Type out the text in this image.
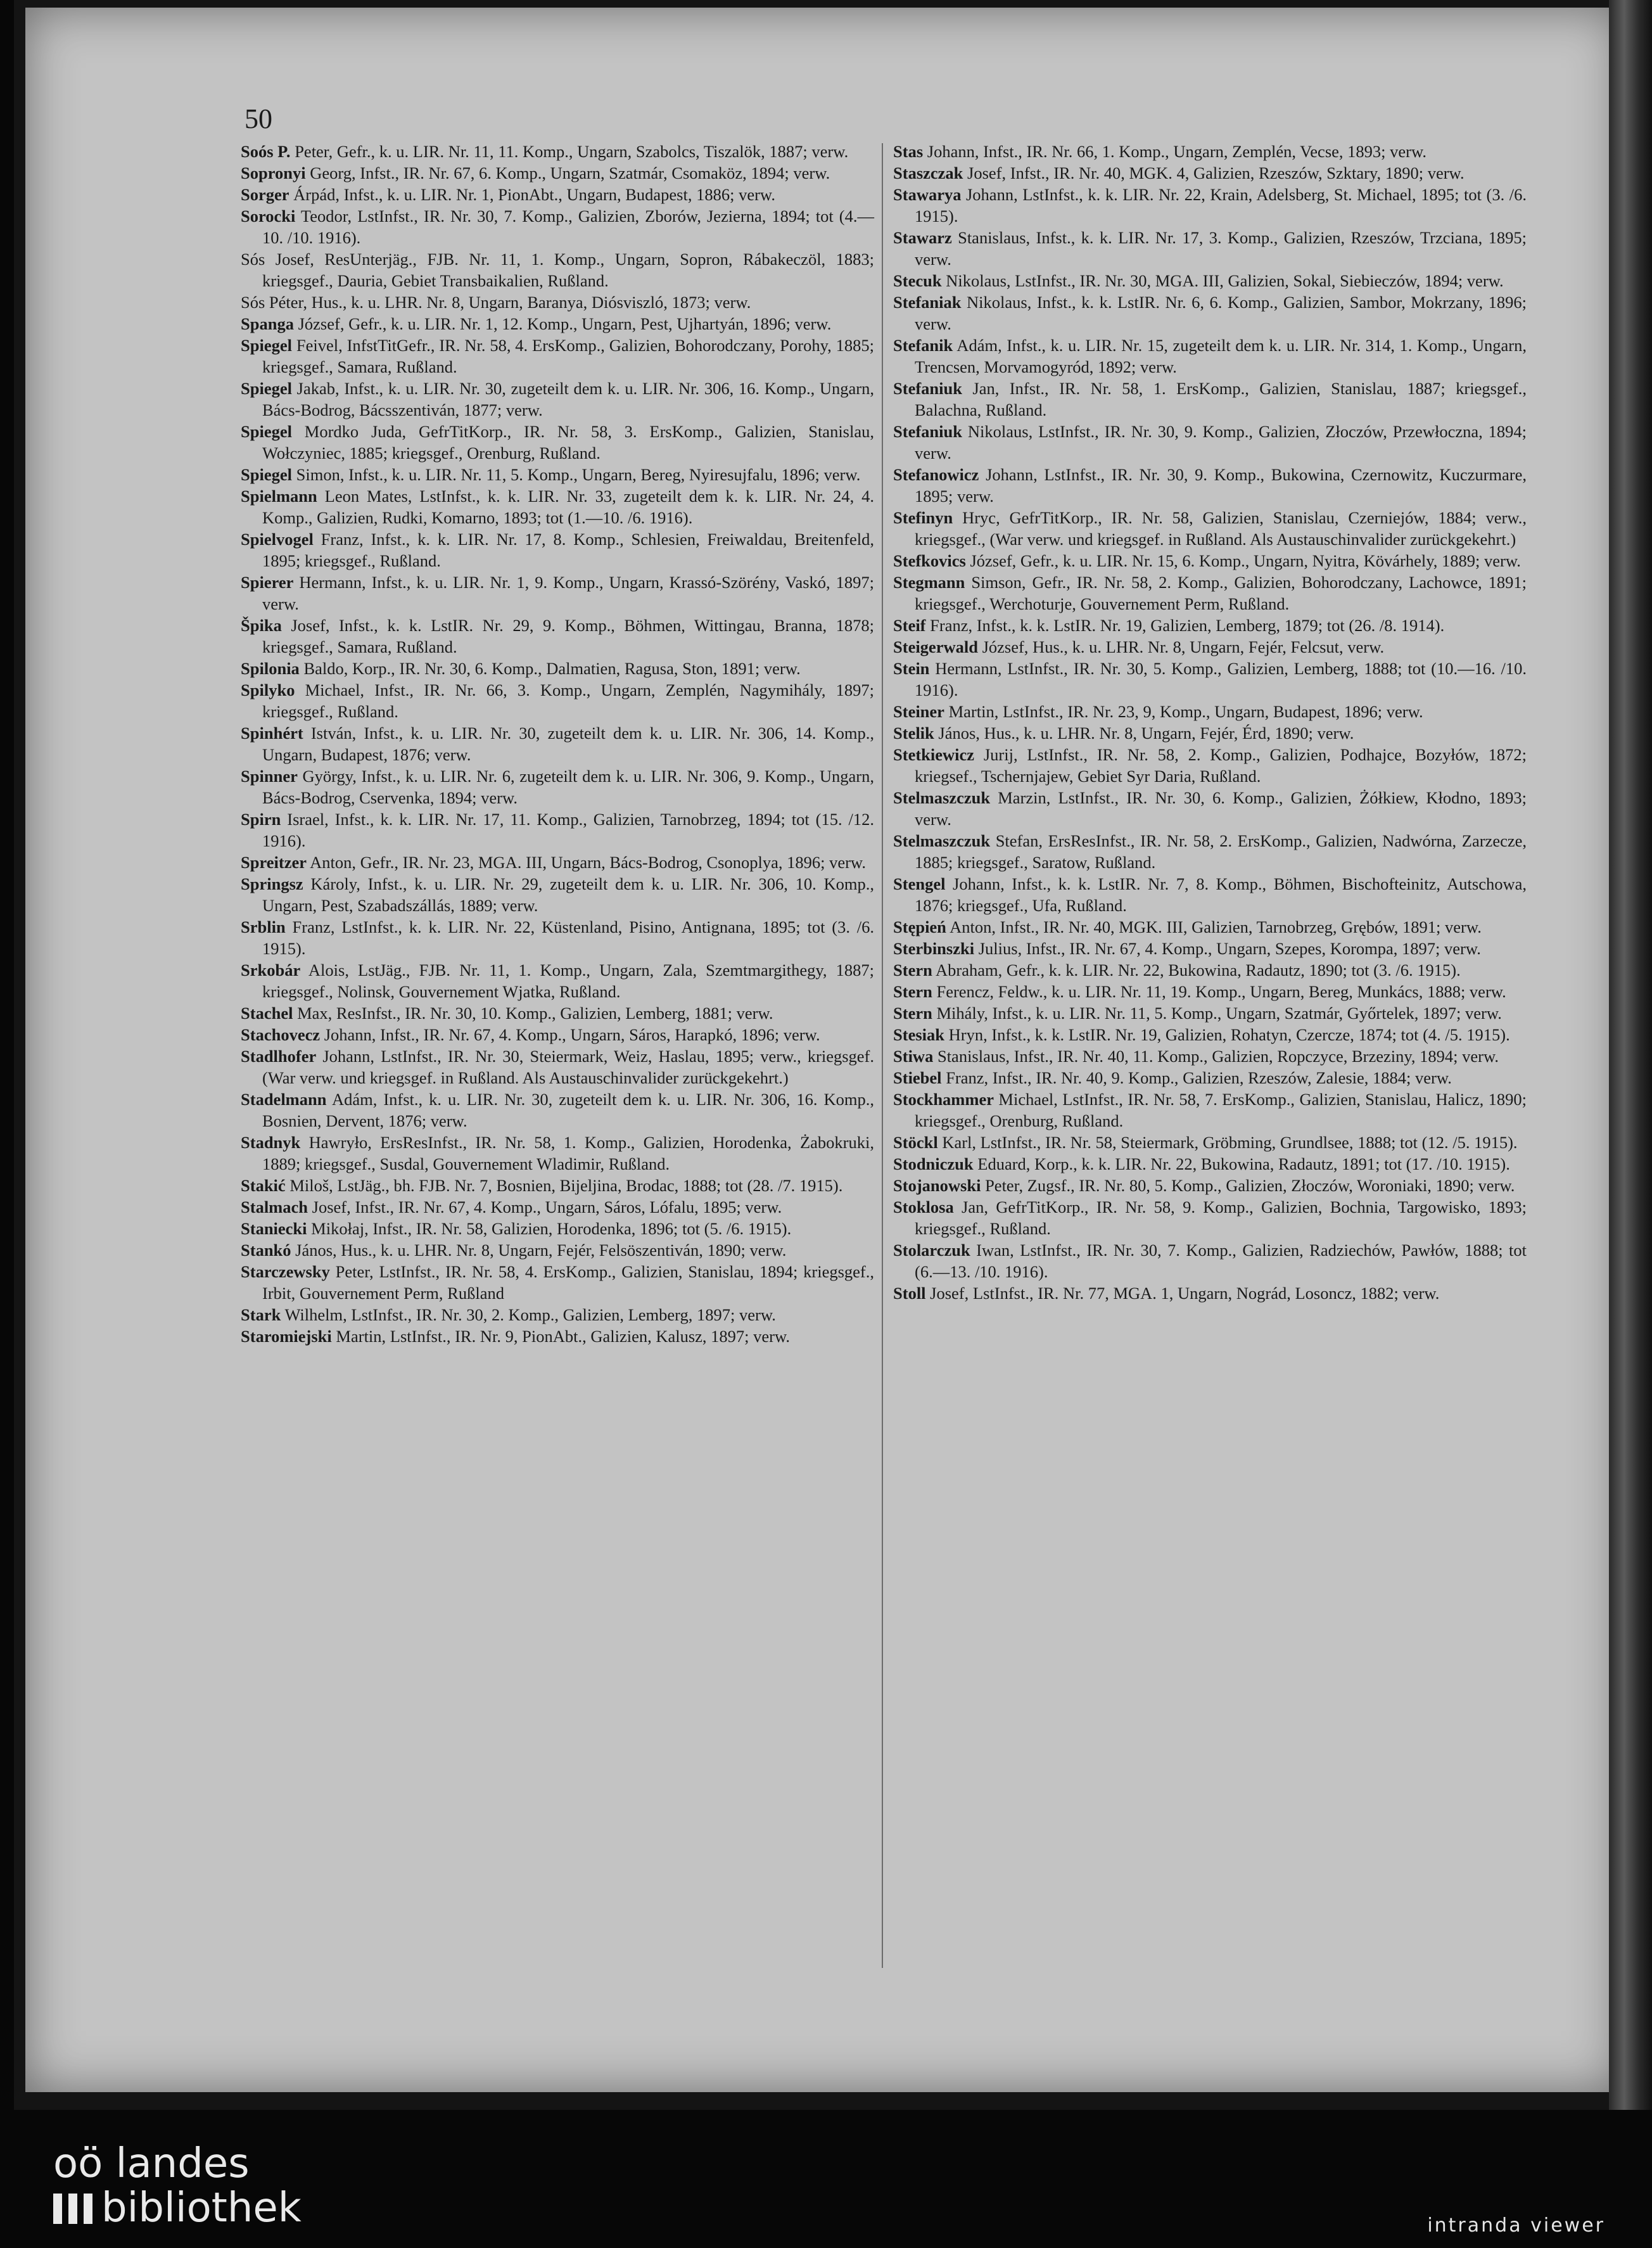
50
Soós P. Peter, Gefr., k. u. LIR. Nr. 11, 11. Komp., Ungarn, Szabolcs, Tiszalök, 1887; verw.
Sopronyi Georg, Infst., IR. Nr. 67, 6. Komp., Ungarn, Szatmár, Csomaköz, 1894; verw.
Sorger Árpád, Infst., k. u. LIR. Nr. 1, PionAbt., Ungarn, Budapest, 1886; verw.
Sorocki Teodor, LstInfst., IR. Nr. 30, 7. Komp., Galizien, Zborów, Jezierna, 1894; tot (4.—10. /10. 1916).
Sós Josef, ResUnterjäg., FJB. Nr. 11, 1. Komp., Ungarn, Sopron, Rábakeczöl, 1883; kriegsgef., Dauria, Gebiet Transbaikalien, Rußland.
Sós Péter, Hus., k. u. LHR. Nr. 8, Ungarn, Baranya, Diósviszló, 1873; verw.
Spanga József, Gefr., k. u. LIR. Nr. 1, 12. Komp., Ungarn, Pest, Ujhartyán, 1896; verw.
Spiegel Feivel, InfstTitGefr., IR. Nr. 58, 4. ErsKomp., Galizien, Bohorodczany, Porohy, 1885; kriegsgef., Samara, Rußland.
Spiegel Jakab, Infst., k. u. LIR. Nr. 30, zugeteilt dem k. u. LIR. Nr. 306, 16. Komp., Ungarn, Bács-Bodrog, Bácsszentiván, 1877; verw.
Spiegel Mordko Juda, GefrTitKorp., IR. Nr. 58, 3. ErsKomp., Galizien, Stanislau, Wołczyniec, 1885; kriegsgef., Orenburg, Rußland.
Spiegel Simon, Infst., k. u. LIR. Nr. 11, 5. Komp., Ungarn, Bereg, Nyiresujfalu, 1896; verw.
Spielmann Leon Mates, LstInfst., k. k. LIR. Nr. 33, zugeteilt dem k. k. LIR. Nr. 24, 4. Komp., Galizien, Rudki, Komarno, 1893; tot (1.—10. /6. 1916).
Spielvogel Franz, Infst., k. k. LIR. Nr. 17, 8. Komp., Schlesien, Freiwaldau, Breitenfeld, 1895; kriegsgef., Rußland.
Spierer Hermann, Infst., k. u. LIR. Nr. 1, 9. Komp., Ungarn, Krassó-Szörény, Vaskó, 1897; verw.
Špika Josef, Infst., k. k. LstIR. Nr. 29, 9. Komp., Böhmen, Wittingau, Branna, 1878; kriegsgef., Samara, Rußland.
Spilonia Baldo, Korp., IR. Nr. 30, 6. Komp., Dalmatien, Ragusa, Ston, 1891; verw.
Spilyko Michael, Infst., IR. Nr. 66, 3. Komp., Ungarn, Zemplén, Nagymihály, 1897; kriegsgef., Rußland.
Spinhért István, Infst., k. u. LIR. Nr. 30, zugeteilt dem k. u. LIR. Nr. 306, 14. Komp., Ungarn, Budapest, 1876; verw.
Spinner György, Infst., k. u. LIR. Nr. 6, zugeteilt dem k. u. LIR. Nr. 306, 9. Komp., Ungarn, Bács-Bodrog, Cservenka, 1894; verw.
Spirn Israel, Infst., k. k. LIR. Nr. 17, 11. Komp., Galizien, Tarnobrzeg, 1894; tot (15. /12. 1916).
Spreitzer Anton, Gefr., IR. Nr. 23, MGA. III, Ungarn, Bács-Bodrog, Csonoplya, 1896; verw.
Springsz Károly, Infst., k. u. LIR. Nr. 29, zugeteilt dem k. u. LIR. Nr. 306, 10. Komp., Ungarn, Pest, Szabadszállás, 1889; verw.
Srblin Franz, LstInfst., k. k. LIR. Nr. 22, Küstenland, Pisino, Antignana, 1895; tot (3. /6. 1915).
Srkobár Alois, LstJäg., FJB. Nr. 11, 1. Komp., Ungarn, Zala, Szemtmargithegy, 1887; kriegsgef., Nolinsk, Gouvernement Wjatka, Rußland.
Stachel Max, ResInfst., IR. Nr. 30, 10. Komp., Galizien, Lemberg, 1881; verw.
Stachovecz Johann, Infst., IR. Nr. 67, 4. Komp., Ungarn, Sáros, Harapkó, 1896; verw.
Stadlhofer Johann, LstInfst., IR. Nr. 30, Steiermark, Weiz, Haslau, 1895; verw., kriegsgef. (War verw. und kriegsgef. in Rußland. Als Austauschinvalider zurückgekehrt.)
Stadelmann Adám, Infst., k. u. LIR. Nr. 30, zugeteilt dem k. u. LIR. Nr. 306, 16. Komp., Bosnien, Dervent, 1876; verw.
Stadnyk Hawryło, ErsResInfst., IR. Nr. 58, 1. Komp., Galizien, Horodenka, Żabokruki, 1889; kriegsgef., Susdal, Gouvernement Wladimir, Rußland.
Stakić Miloš, LstJäg., bh. FJB. Nr. 7, Bosnien, Bijeljina, Brodac, 1888; tot (28. /7. 1915).
Stalmach Josef, Infst., IR. Nr. 67, 4. Komp., Ungarn, Sáros, Lófalu, 1895; verw.
Staniecki Mikołaj, Infst., IR. Nr. 58, Galizien, Horodenka, 1896; tot (5. /6. 1915).
Stankó János, Hus., k. u. LHR. Nr. 8, Ungarn, Fejér, Felsöszentiván, 1890; verw.
Starczewsky Peter, LstInfst., IR. Nr. 58, 4. ErsKomp., Galizien, Stanislau, 1894; kriegsgef., Irbit, Gouvernement Perm, Rußland
Stark Wilhelm, LstInfst., IR. Nr. 30, 2. Komp., Galizien, Lemberg, 1897; verw.
Staromiejski Martin, LstInfst., IR. Nr. 9, PionAbt., Galizien, Kalusz, 1897; verw.
Stas Johann, Infst., IR. Nr. 66, 1. Komp., Ungarn, Zemplén, Vecse, 1893; verw.
Staszczak Josef, Infst., IR. Nr. 40, MGK. 4, Galizien, Rzeszów, Szktary, 1890; verw.
Stawarya Johann, LstInfst., k. k. LIR. Nr. 22, Krain, Adelsberg, St. Michael, 1895; tot (3. /6. 1915).
Stawarz Stanislaus, Infst., k. k. LIR. Nr. 17, 3. Komp., Galizien, Rzeszów, Trzciana, 1895; verw.
Stecuk Nikolaus, LstInfst., IR. Nr. 30, MGA. III, Galizien, Sokal, Siebieczów, 1894; verw.
Stefaniak Nikolaus, Infst., k. k. LstIR. Nr. 6, 6. Komp., Galizien, Sambor, Mokrzany, 1896; verw.
Stefanik Adám, Infst., k. u. LIR. Nr. 15, zugeteilt dem k. u. LIR. Nr. 314, 1. Komp., Ungarn, Trencsen, Morvamogyród, 1892; verw.
Stefaniuk Jan, Infst., IR. Nr. 58, 1. ErsKomp., Galizien, Stanislau, 1887; kriegsgef., Balachna, Rußland.
Stefaniuk Nikolaus, LstInfst., IR. Nr. 30, 9. Komp., Galizien, Złoczów, Przewłoczna, 1894; verw.
Stefanowicz Johann, LstInfst., IR. Nr. 30, 9. Komp., Bukowina, Czernowitz, Kuczurmare, 1895; verw.
Stefinyn Hryc, GefrTitKorp., IR. Nr. 58, Galizien, Stanislau, Czerniejów, 1884; verw., kriegsgef., (War verw. und kriegsgef. in Rußland. Als Austauschinvalider zurückgekehrt.)
Stefkovics József, Gefr., k. u. LIR. Nr. 15, 6. Komp., Ungarn, Nyitra, Kövárhely, 1889; verw.
Stegmann Simson, Gefr., IR. Nr. 58, 2. Komp., Galizien, Bohorodczany, Lachowce, 1891; kriegsgef., Werchoturje, Gouvernement Perm, Rußland.
Steif Franz, Infst., k. k. LstIR. Nr. 19, Galizien, Lemberg, 1879; tot (26. /8. 1914).
Steigerwald József, Hus., k. u. LHR. Nr. 8, Ungarn, Fejér, Felcsut, verw.
Stein Hermann, LstInfst., IR. Nr. 30, 5. Komp., Galizien, Lemberg, 1888; tot (10.—16. /10. 1916).
Steiner Martin, LstInfst., IR. Nr. 23, 9, Komp., Ungarn, Budapest, 1896; verw.
Stelik János, Hus., k. u. LHR. Nr. 8, Ungarn, Fejér, Érd, 1890; verw.
Stetkiewicz Jurij, LstInfst., IR. Nr. 58, 2. Komp., Galizien, Podhajce, Bozyłów, 1872; kriegsef., Tschernjajew, Gebiet Syr Daria, Rußland.
Stelmaszczuk Marzin, LstInfst., IR. Nr. 30, 6. Komp., Galizien, Żółkiew, Kłodno, 1893; verw.
Stelmaszczuk Stefan, ErsResInfst., IR. Nr. 58, 2. ErsKomp., Galizien, Nadwórna, Zarzecze, 1885; kriegsgef., Saratow, Rußland.
Stengel Johann, Infst., k. k. LstIR. Nr. 7, 8. Komp., Böhmen, Bischofteinitz, Autschowa, 1876; kriegsgef., Ufa, Rußland.
Stępień Anton, Infst., IR. Nr. 40, MGK. III, Galizien, Tarnobrzeg, Grębów, 1891; verw.
Sterbinszki Julius, Infst., IR. Nr. 67, 4. Komp., Ungarn, Szepes, Korompa, 1897; verw.
Stern Abraham, Gefr., k. k. LIR. Nr. 22, Bukowina, Radautz, 1890; tot (3. /6. 1915).
Stern Ferencz, Feldw., k. u. LIR. Nr. 11, 19. Komp., Ungarn, Bereg, Munkács, 1888; verw.
Stern Mihály, Infst., k. u. LIR. Nr. 11, 5. Komp., Ungarn, Szatmár, Győrtelek, 1897; verw.
Stesiak Hryn, Infst., k. k. LstIR. Nr. 19, Galizien, Rohatyn, Czercze, 1874; tot (4. /5. 1915).
Stiwa Stanislaus, Infst., IR. Nr. 40, 11. Komp., Galizien, Ropczyce, Brzeziny, 1894; verw.
Stiebel Franz, Infst., IR. Nr. 40, 9. Komp., Galizien, Rzeszów, Zalesie, 1884; verw.
Stockhammer Michael, LstInfst., IR. Nr. 58, 7. ErsKomp., Galizien, Stanislau, Halicz, 1890; kriegsgef., Orenburg, Rußland.
Stöckl Karl, LstInfst., IR. Nr. 58, Steiermark, Gröbming, Grundlsee, 1888; tot (12. /5. 1915).
Stodniczuk Eduard, Korp., k. k. LIR. Nr. 22, Bukowina, Radautz, 1891; tot (17. /10. 1915).
Stojanowski Peter, Zugsf., IR. Nr. 80, 5. Komp., Galizien, Złoczów, Woroniaki, 1890; verw.
Stoklosa Jan, GefrTitKorp., IR. Nr. 58, 9. Komp., Galizien, Bochnia, Targowisko, 1893; kriegsgef., Rußland.
Stolarczuk Iwan, LstInfst., IR. Nr. 30, 7. Komp., Galizien, Radziechów, Pawłów, 1888; tot (6.—13. /10. 1916).
Stoll Josef, LstInfst., IR. Nr. 77, MGA. 1, Ungarn, Nográd, Losoncz, 1882; verw.
oö landes
bibliothek	intranda viewer
